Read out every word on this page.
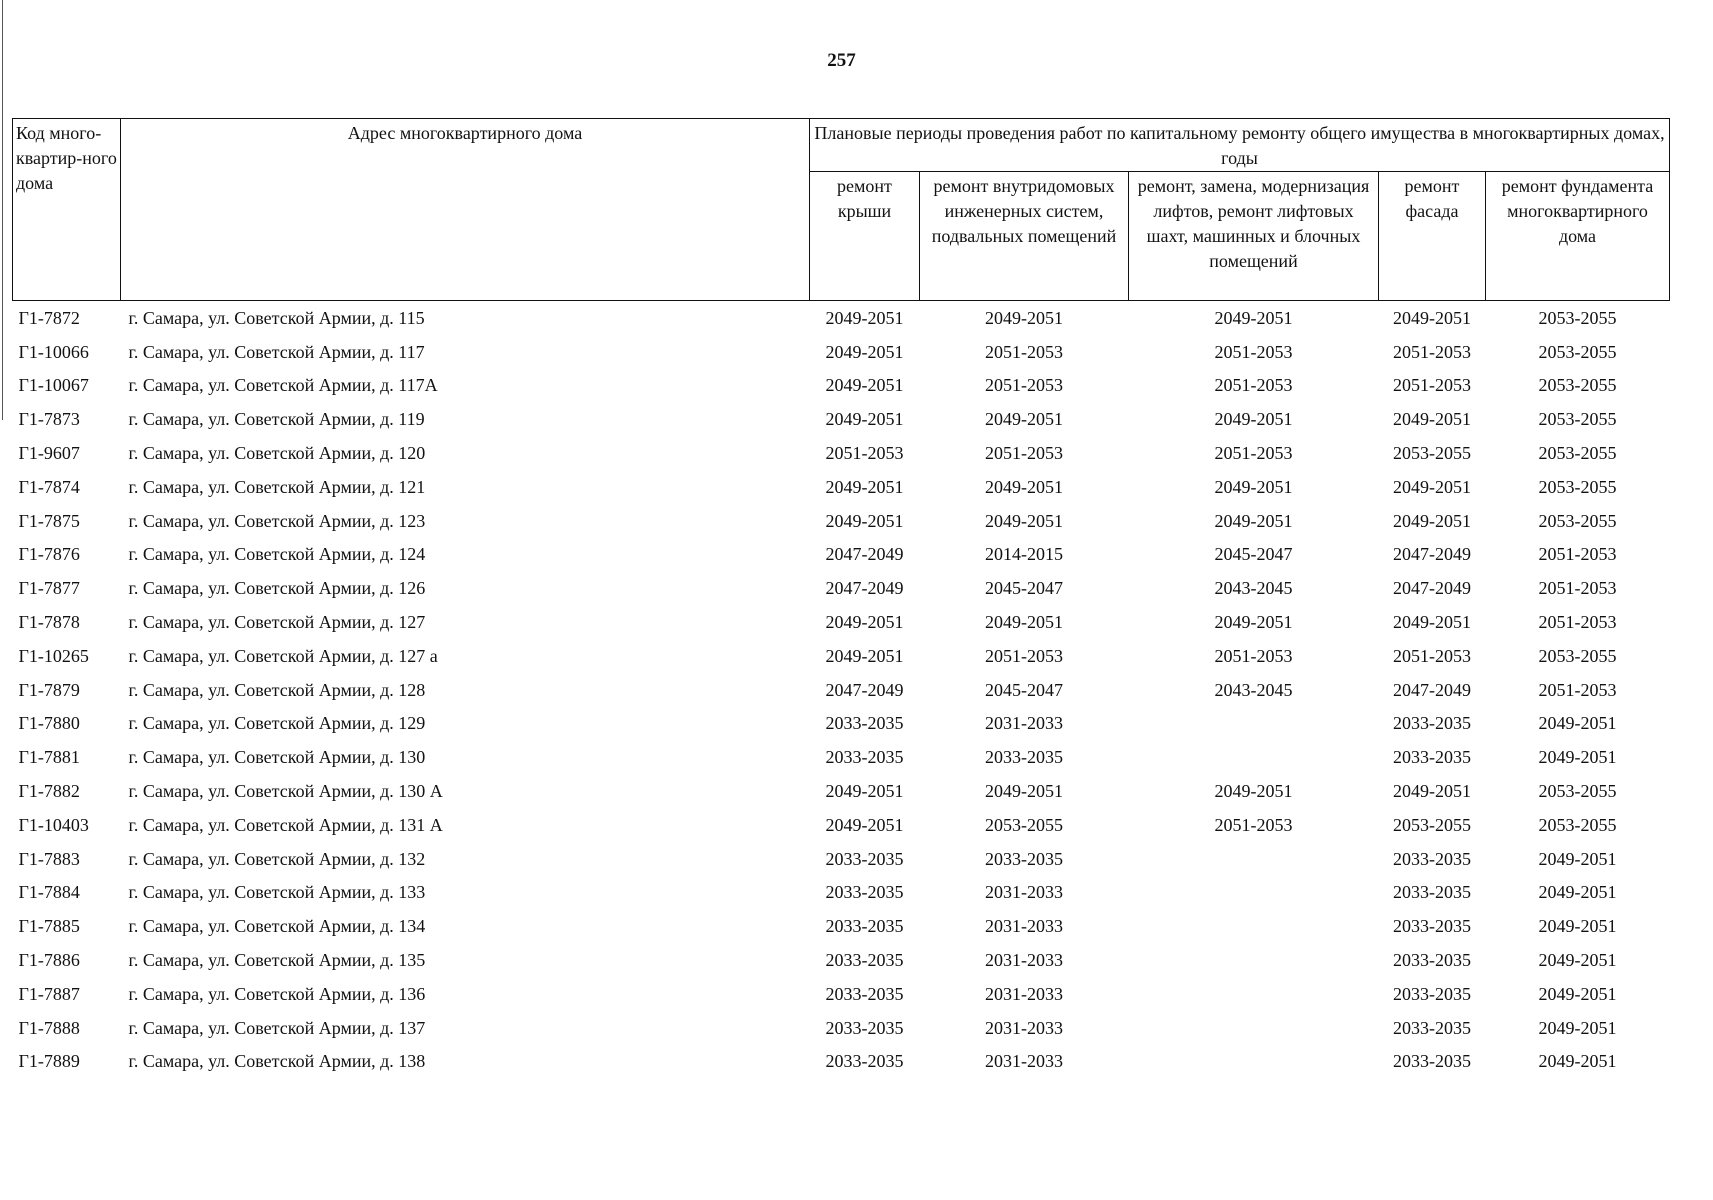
257
Код много-квартир-ного дома	Адрес многоквартирного дома	Плановые периоды проведения работ по капитальному ремонту общего имущества в многоквартирных домах, годы				
		ремонт крыши	ремонт внутридомовых инженерных систем, подвальных помещений	ремонт, замена, модернизация лифтов, ремонт лифтовых шахт, машинных и блочных помещений	ремонт фасада	ремонт фундамента многоквартирного дома
Г1-7872	г. Самара, ул. Советской Армии, д. 115	2049-2051	2049-2051	2049-2051	2049-2051	2053-2055
Г1-10066	г. Самара, ул. Советской Армии, д. 117	2049-2051	2051-2053	2051-2053	2051-2053	2053-2055
Г1-10067	г. Самара, ул. Советской Армии, д. 117А	2049-2051	2051-2053	2051-2053	2051-2053	2053-2055
Г1-7873	г. Самара, ул. Советской Армии, д. 119	2049-2051	2049-2051	2049-2051	2049-2051	2053-2055
Г1-9607	г. Самара, ул. Советской Армии, д. 120	2051-2053	2051-2053	2051-2053	2053-2055	2053-2055
Г1-7874	г. Самара, ул. Советской Армии, д. 121	2049-2051	2049-2051	2049-2051	2049-2051	2053-2055
Г1-7875	г. Самара, ул. Советской Армии, д. 123	2049-2051	2049-2051	2049-2051	2049-2051	2053-2055
Г1-7876	г. Самара, ул. Советской Армии, д. 124	2047-2049	2014-2015	2045-2047	2047-2049	2051-2053
Г1-7877	г. Самара, ул. Советской Армии, д. 126	2047-2049	2045-2047	2043-2045	2047-2049	2051-2053
Г1-7878	г. Самара, ул. Советской Армии, д. 127	2049-2051	2049-2051	2049-2051	2049-2051	2051-2053
Г1-10265	г. Самара, ул. Советской Армии, д. 127 а	2049-2051	2051-2053	2051-2053	2051-2053	2053-2055
Г1-7879	г. Самара, ул. Советской Армии, д. 128	2047-2049	2045-2047	2043-2045	2047-2049	2051-2053
Г1-7880	г. Самара, ул. Советской Армии, д. 129	2033-2035	2031-2033		2033-2035	2049-2051
Г1-7881	г. Самара, ул. Советской Армии, д. 130	2033-2035	2033-2035		2033-2035	2049-2051
Г1-7882	г. Самара, ул. Советской Армии, д. 130 А	2049-2051	2049-2051	2049-2051	2049-2051	2053-2055
Г1-10403	г. Самара, ул. Советской Армии, д. 131 А	2049-2051	2053-2055	2051-2053	2053-2055	2053-2055
Г1-7883	г. Самара, ул. Советской Армии, д. 132	2033-2035	2033-2035		2033-2035	2049-2051
Г1-7884	г. Самара, ул. Советской Армии, д. 133	2033-2035	2031-2033		2033-2035	2049-2051
Г1-7885	г. Самара, ул. Советской Армии, д. 134	2033-2035	2031-2033		2033-2035	2049-2051
Г1-7886	г. Самара, ул. Советской Армии, д. 135	2033-2035	2031-2033		2033-2035	2049-2051
Г1-7887	г. Самара, ул. Советской Армии, д. 136	2033-2035	2031-2033		2033-2035	2049-2051
Г1-7888	г. Самара, ул. Советской Армии, д. 137	2033-2035	2031-2033		2033-2035	2049-2051
Г1-7889	г. Самара, ул. Советской Армии, д. 138	2033-2035	2031-2033		2033-2035	2049-2051
